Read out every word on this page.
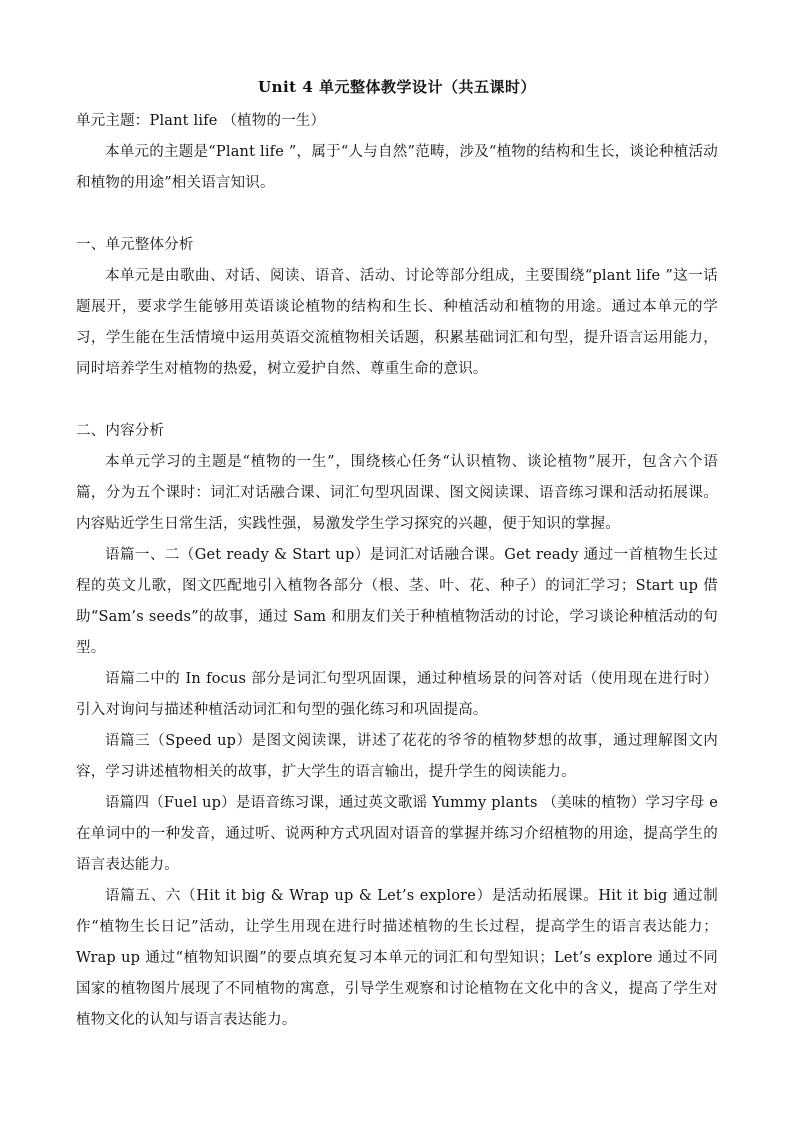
Unit 4 单元整体教学设计（共五课时）

单元主题：Plant life （植物的一生）

本单元的主题是“Plant life ”，属于“人与自然”范畴，涉及“植物的结构和生长，谈论种植活动和植物的用途”相关语言知识。

一、单元整体分析

本单元是由歌曲、对话、阅读、语音、活动、讨论等部分组成，主要围绕“plant life ”这一话题展开，要求学生能够用英语谈论植物的结构和生长、种植活动和植物的用途。通过本单元的学习，学生能在生活情境中运用英语交流植物相关话题，积累基础词汇和句型，提升语言运用能力，同时培养学生对植物的热爱，树立爱护自然、尊重生命的意识。

二、内容分析

本单元学习的主题是“植物的一生”，围绕核心任务“认识植物、谈论植物”展开，包含六个语篇，分为五个课时：词汇对话融合课、词汇句型巩固课、图文阅读课、语音练习课和活动拓展课。内容贴近学生日常生活，实践性强，易激发学生学习探究的兴趣，便于知识的掌握。

语篇一、二（Get ready & Start up）是词汇对话融合课。Get ready 通过一首植物生长过程的英文儿歌，图文匹配地引入植物各部分（根、茎、叶、花、种子）的词汇学习；Start up 借助“Sam’s seeds”的故事，通过 Sam 和朋友们关于种植植物活动的讨论，学习谈论种植活动的句型。

语篇二中的 In focus 部分是词汇句型巩固课，通过种植场景的问答对话（使用现在进行时）引入对询问与描述种植活动词汇和句型的强化练习和巩固提高。

语篇三（Speed up）是图文阅读课，讲述了花花的爷爷的植物梦想的故事，通过理解图文内容，学习讲述植物相关的故事，扩大学生的语言输出，提升学生的阅读能力。

语篇四（Fuel up）是语音练习课，通过英文歌谣 Yummy plants （美味的植物）学习字母 e 在单词中的一种发音，通过听、说两种方式巩固对语音的掌握并练习介绍植物的用途，提高学生的语言表达能力。

语篇五、六（Hit it big & Wrap up & Let’s explore）是活动拓展课。Hit it big 通过制作“植物生长日记”活动，让学生用现在进行时描述植物的生长过程，提高学生的语言表达能力；Wrap up 通过“植物知识圈”的要点填充复习本单元的词汇和句型知识；Let’s explore 通过不同国家的植物图片展现了不同植物的寓意，引导学生观察和讨论植物在文化中的含义，提高了学生对植物文化的认知与语言表达能力。
